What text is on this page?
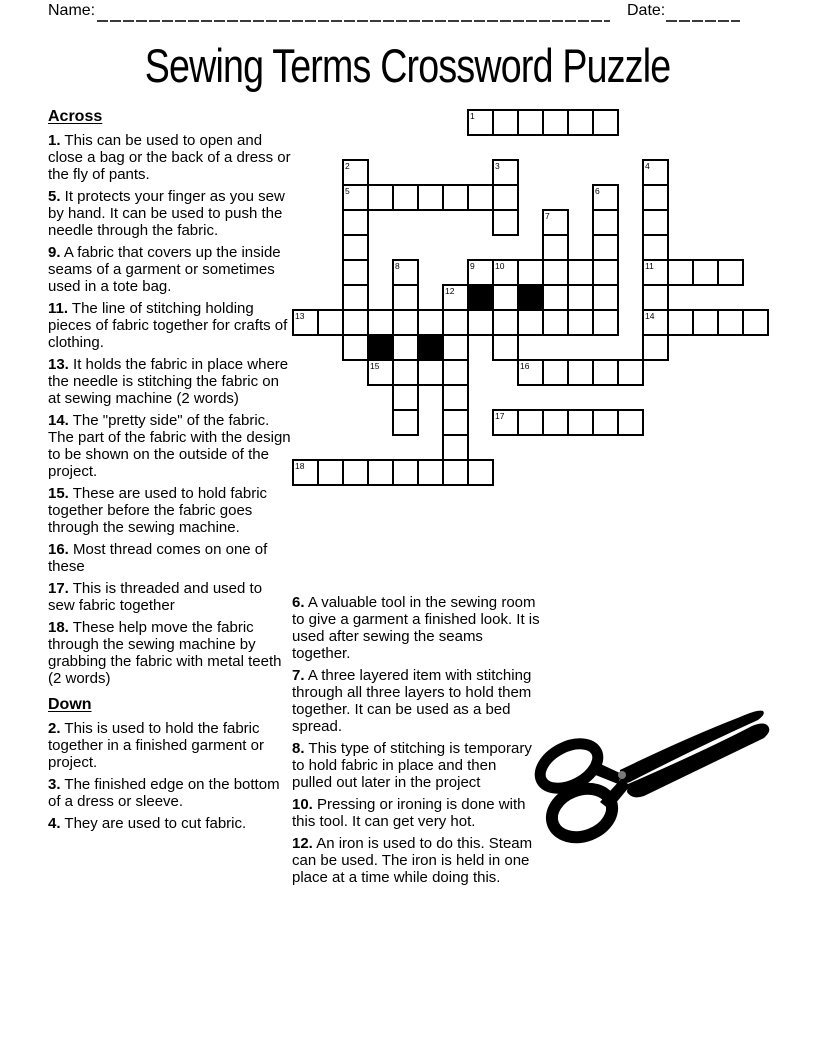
Name:	Date:
Sewing Terms Crossword Puzzle
Across

1. This can be used to open and close a bag or the back of a dress or the fly of pants.

5. It protects your finger as you sew by hand. It can be used to push the needle through the fabric.

9. A fabric that covers up the inside seams of a garment or sometimes used in a tote bag.

11. The line of stitching holding pieces of fabric together for crafts of clothing.

13. It holds the fabric in place where the needle is stitching the fabric on at sewing machine (2 words)

14. The "pretty side" of the fabric. The part of the fabric with the design to be shown on the outside of the project.

15. These are used to hold fabric together before the fabric goes through the sewing machine.

16. Most thread comes on one of these

17. This is threaded and used to sew fabric together

18. These help move the fabric through the sewing machine by grabbing the fabric with metal teeth (2 words)

Down

2. This is used to hold the fabric together in a finished garment or project.

3. The finished edge on the bottom of a dress or sleeve.

4. They are used to cut fabric.

6. A valuable tool in the sewing room to give a garment a finished look. It is used after sewing the seams together.

7. A three layered item with stitching through all three layers to hold them together. It can be used as a bed spread.

8. This type of stitching is temporary to hold fabric in place and then pulled out later in the project

10. Pressing or ironing is done with this tool. It can get very hot.

12. An iron is used to do this. Steam can be used. The iron is held in one place at a time while doing this.

1
2	3	4
5	6
7
8	9 10	11
12
13	14
15	16
17
18
